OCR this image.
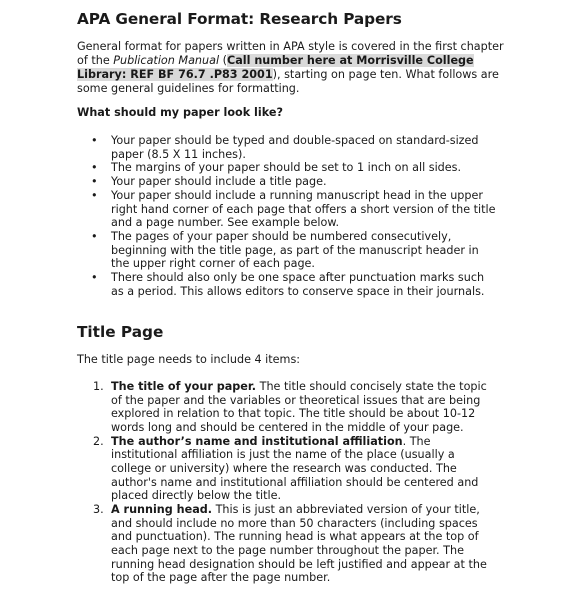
APA General Format: Research Papers

General format for papers written in APA style is covered in the first chapter of the Publication Manual (Call number here at Morrisville College Library: REF BF 76.7 .P83 2001), starting on page ten. What follows are some general guidelines for formatting.

What should my paper look like?
• Your paper should be typed and double-spaced on standard-sized paper (8.5 X 11 inches).
• The margins of your paper should be set to 1 inch on all sides.
• Your paper should include a title page.
• Your paper should include a running manuscript head in the upper right hand corner of each page that offers a short version of the title and a page number. See example below.
• The pages of your paper should be numbered consecutively, beginning with the title page, as part of the manuscript header in the upper right corner of each page.
• There should also only be one space after punctuation marks such as a period. This allows editors to conserve space in their journals.
Title Page

The title page needs to include 4 items:

1. The title of your paper. The title should concisely state the topic of the paper and the variables or theoretical issues that are being explored in relation to that topic. The title should be about 10-12 words long and should be centered in the middle of your page.
2. The author’s name and institutional affiliation. The institutional affiliation is just the name of the place (usually a college or university) where the research was conducted. The author's name and institutional affiliation should be centered and placed directly below the title.
3. A running head. This is just an abbreviated version of your title, and should include no more than 50 characters (including spaces and punctuation). The running head is what appears at the top of each page next to the page number throughout the paper. The running head designation should be left justified and appear at the top of the page after the page number.
